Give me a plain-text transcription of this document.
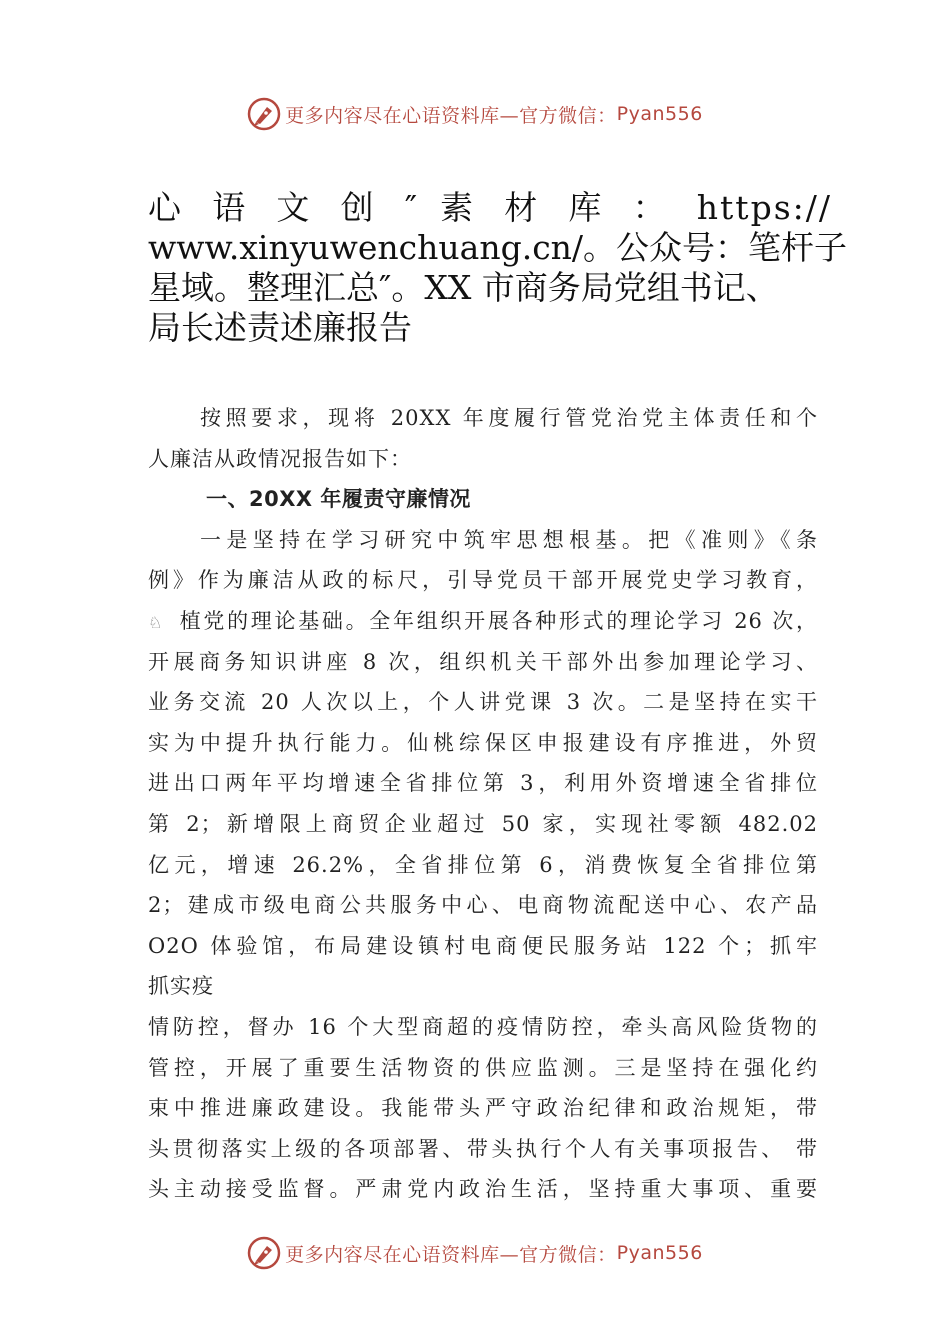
更多内容尽在心语资料库—官方微信： Pyan556
心 语 文 创 ″ 素 材 库 ： https://
www.xinyuwenchuang.cn/。公众号：笔杆子
星域。整理汇总″。XX 市商务局党组书记、
局长述责述廉报告
按照要求，现将 20XX 年度履行管党治党主体责任和个
人廉洁从政情况报告如下：
一、20XX 年履责守廉情况
一是坚持在学习研究中筑牢思想根基。把《准则》《条
例》作为廉洁从政的标尺，引导党员干部开展党史学习教育，
♘ 植党的理论基础。全年组织开展各种形式的理论学习 26 次，
开展商务知识讲座 8 次，组织机关干部外出参加理论学习、
业务交流 20 人次以上，个人讲党课 3 次。二是坚持在实干
实为中提升执行能力。仙桃综保区申报建设有序推进，外贸
进出口两年平均增速全省排位第 3，利用外资增速全省排位
第 2；新增限上商贸企业超过 50 家，实现社零额 482.02
亿元，增速 26.2%，全省排位第 6，消费恢复全省排位第
2；建成市级电商公共服务中心、电商物流配送中心、农产品
O2O 体验馆，布局建设镇村电商便民服务站 122 个；抓牢
抓实疫
情防控，督办 16 个大型商超的疫情防控，牵头高风险货物的
管控，开展了重要生活物资的供应监测。三是坚持在强化约
束中推进廉政建设。我能带头严守政治纪律和政治规矩，带
头贯彻落实上级的各项部署、带头执行个人有关事项报告、 带
头主动接受监督。严肃党内政治生活，坚持重大事项、重要
更多内容尽在心语资料库—官方微信： Pyan556
